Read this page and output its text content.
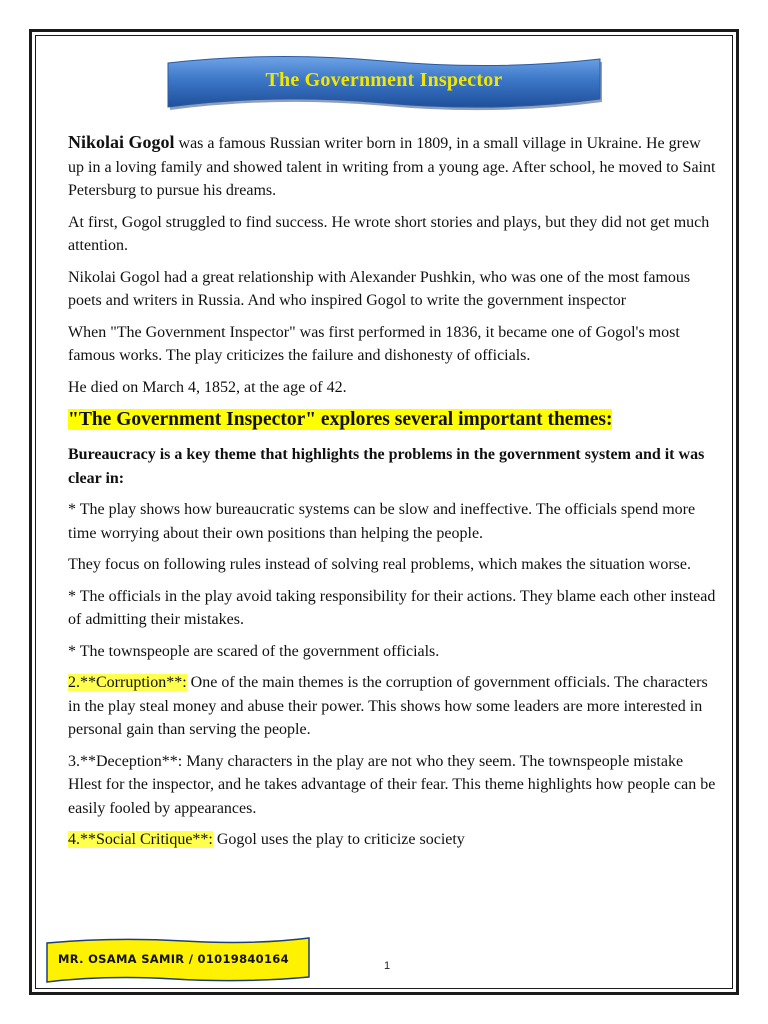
The Government Inspector

Nikolai Gogol was a famous Russian writer born in 1809, in a small village in Ukraine. He grew up in a loving family and showed talent in writing from a young age. After school, he moved to Saint Petersburg to pursue his dreams.

At first, Gogol struggled to find success. He wrote short stories and plays, but they did not get much attention.

Nikolai Gogol had a great relationship with Alexander Pushkin, who was one of the most famous poets and writers in Russia. And who inspired Gogol to write the government inspector

When "The Government Inspector" was first performed in 1836, it became one of Gogol's most famous works. The play criticizes the failure and dishonesty of officials.

He died on March 4, 1852, at the age of 42.

"The Government Inspector" explores several important themes:

Bureaucracy is a key theme that highlights the problems in the government system and it was clear in:

* The play shows how bureaucratic systems can be slow and ineffective. The officials spend more time worrying about their own positions than helping the people.

They focus on following rules instead of solving real problems, which makes the situation worse.

* The officials in the play avoid taking responsibility for their actions. They blame each other instead of admitting their mistakes.

* The townspeople are scared of the government officials.

2.**Corruption**: One of the main themes is the corruption of government officials. The characters in the play steal money and abuse their power. This shows how some leaders are more interested in personal gain than serving the people.

3.**Deception**: Many characters in the play are not who they seem. The townspeople mistake Hlest for the inspector, and he takes advantage of their fear. This theme highlights how people can be easily fooled by appearances.

4.**Social Critique**: Gogol uses the play to criticize society

MR. OSAMA SAMIR / 01019840164	1
